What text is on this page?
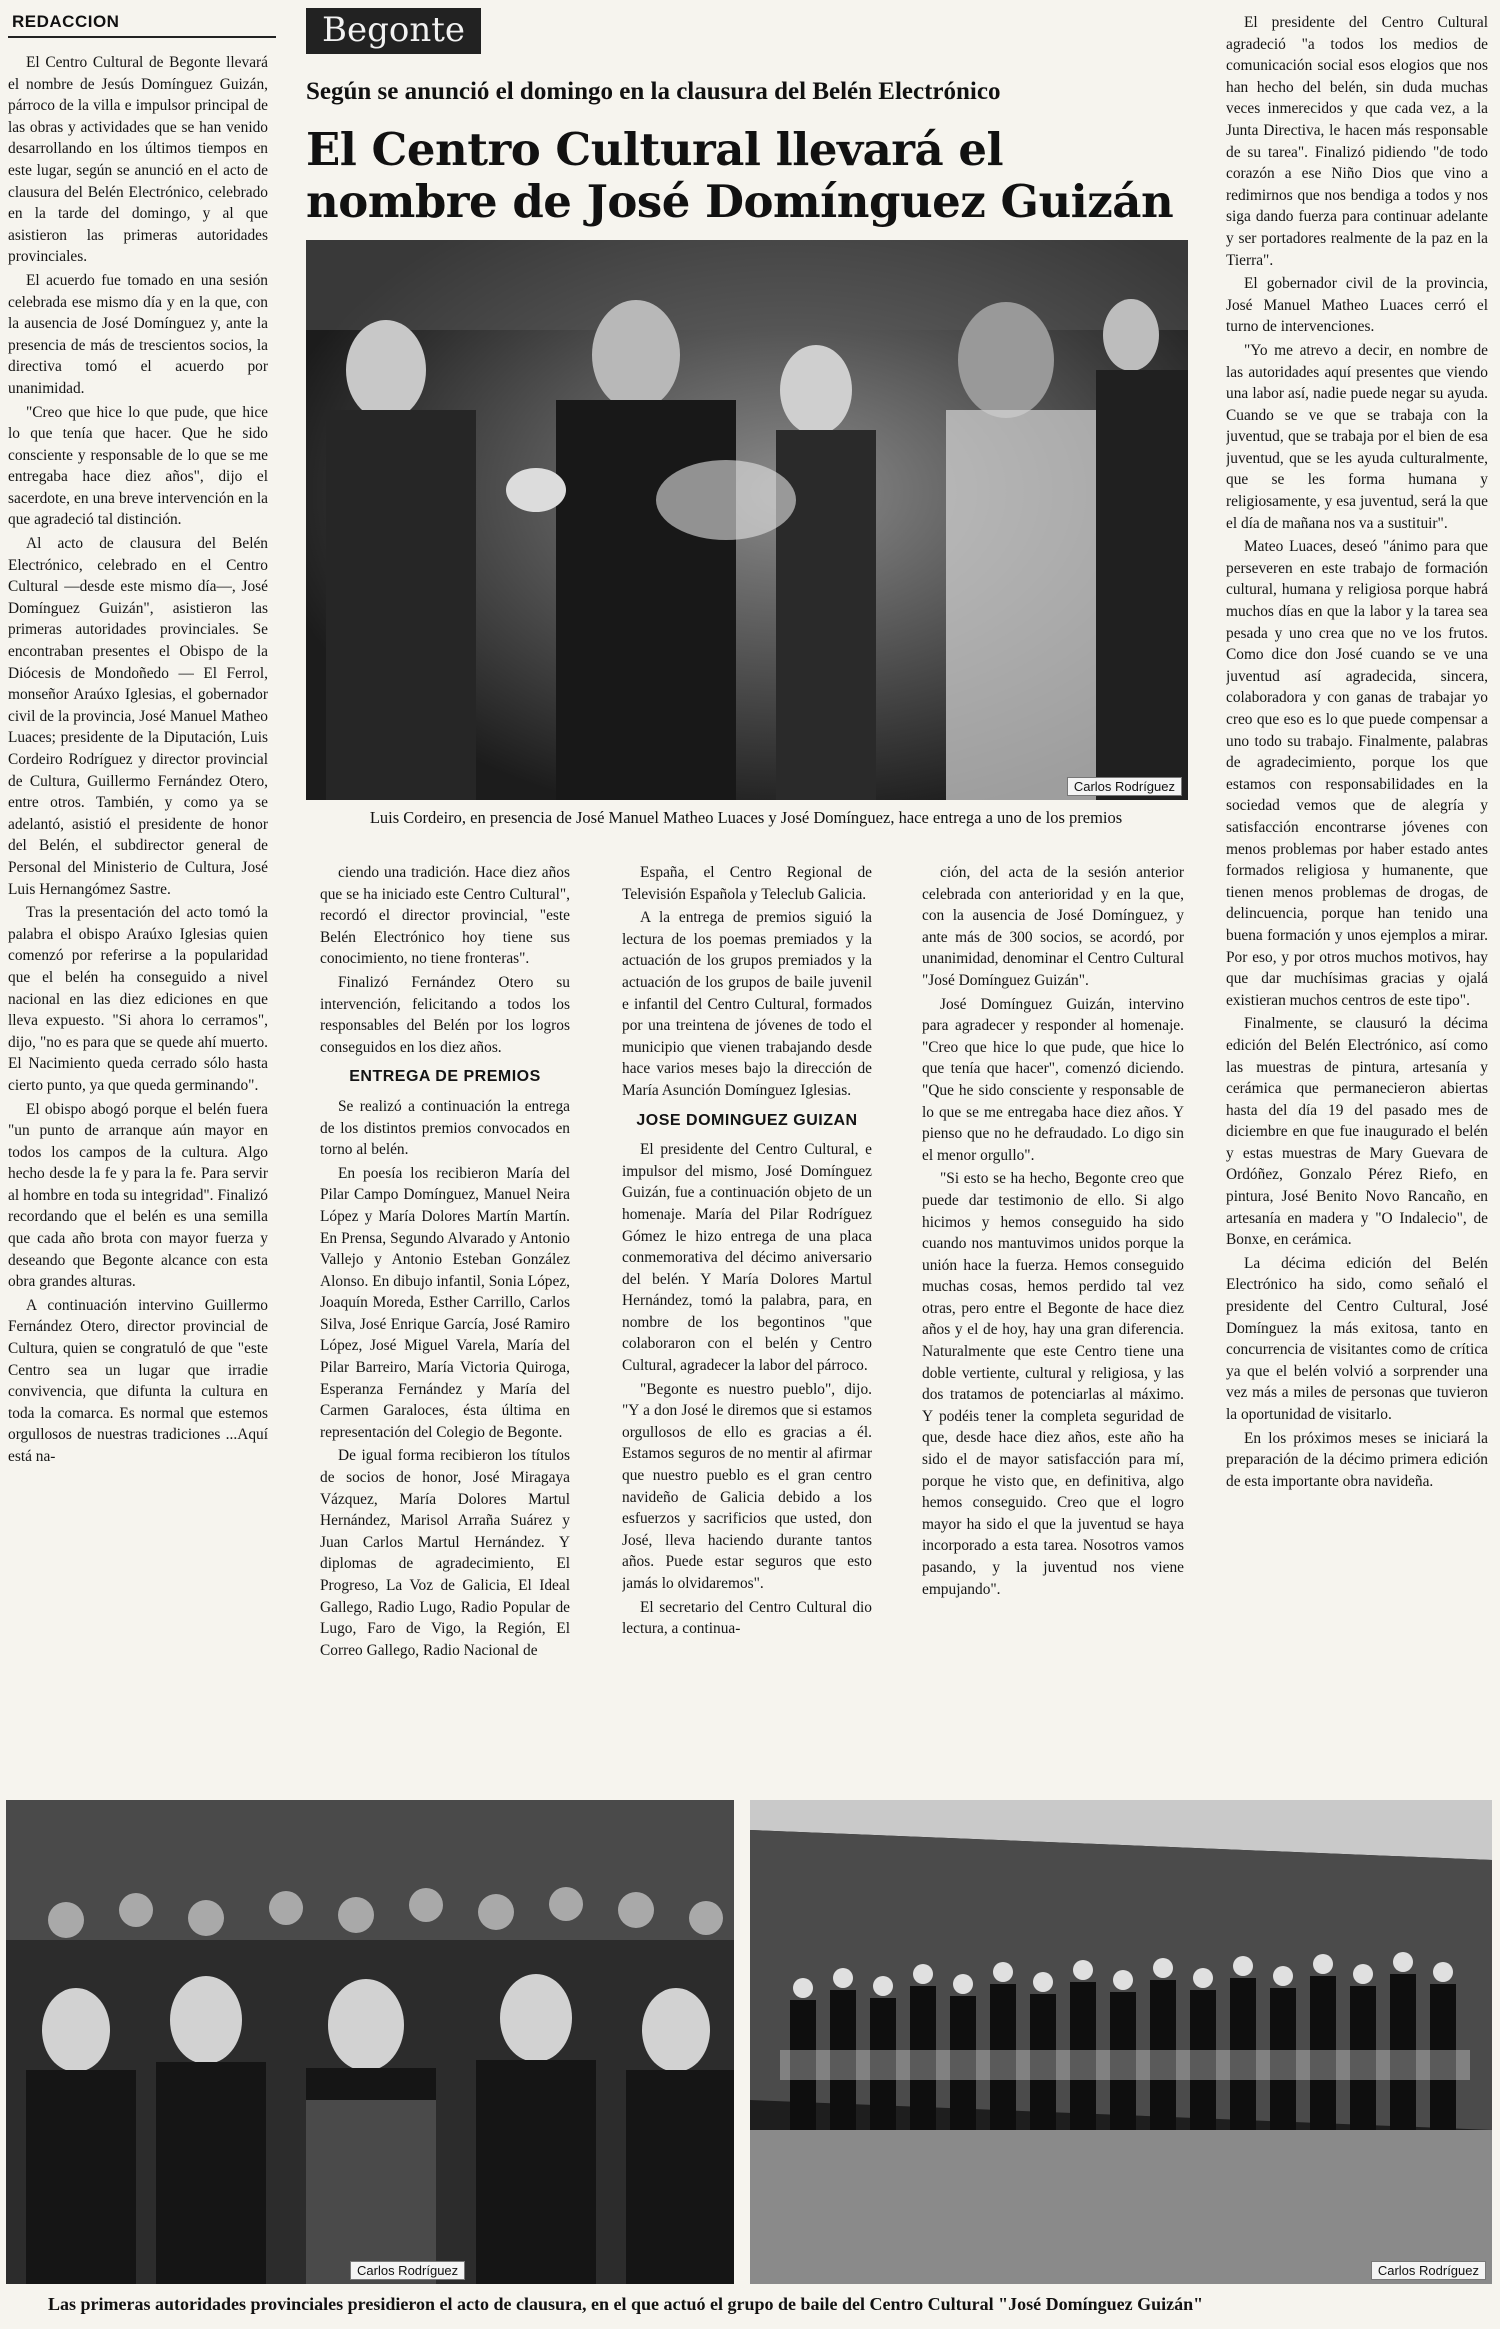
REDACCION	Begonte
Según se anunció el domingo en la clausura del Belén Electrónico
El Centro Cultural llevará el nombre de José Domínguez Guizán
Carlos Rodríguez
Luis Cordeiro, en presencia de José Manuel Matheo Luaces y José Domínguez, hace entrega a uno de los premios

El Centro Cultural de Begonte llevará el nombre de Jesús Domínguez Guizán, párroco de la villa e impulsor principal de las obras y actividades que se han venido desarrollando en los últimos tiempos en este lugar, según se anunció en el acto de clausura del Belén Electrónico, celebrado en la tarde del domingo, y al que asistieron las primeras autoridades provinciales.

El acuerdo fue tomado en una sesión celebrada ese mismo día y en la que, con la ausencia de José Domínguez y, ante la presencia de más de trescientos socios, la directiva tomó el acuerdo por unanimidad.

"Creo que hice lo que pude, que hice lo que tenía que hacer. Que he sido consciente y responsable de lo que se me entregaba hace diez años", dijo el sacerdote, en una breve intervención en la que agradeció tal distinción.

Al acto de clausura del Belén Electrónico, celebrado en el Centro Cultural —desde este mismo día—, José Domínguez Guizán", asistieron las primeras autoridades provinciales. Se encontraban presentes el Obispo de la Diócesis de Mondoñedo — El Ferrol, monseñor Araúxo Iglesias, el gobernador civil de la provincia, José Manuel Matheo Luaces; presidente de la Diputación, Luis Cordeiro Rodríguez y director provincial de Cultura, Guillermo Fernández Otero, entre otros. También, y como ya se adelantó, asistió el presidente de honor del Belén, el subdirector general de Personal del Ministerio de Cultura, José Luis Hernangómez Sastre.

Tras la presentación del acto tomó la palabra el obispo Araúxo Iglesias quien comenzó por referirse a la popularidad que el belén ha conseguido a nivel nacional en las diez ediciones en que lleva expuesto. "Si ahora lo cerramos", dijo, "no es para que se quede ahí muerto. El Nacimiento queda cerrado sólo hasta cierto punto, ya que queda germinando".

El obispo abogó porque el belén fuera "un punto de arranque aún mayor en todos los campos de la cultura. Algo hecho desde la fe y para la fe. Para servir al hombre en toda su integridad". Finalizó recordando que el belén es una semilla que cada año brota con mayor fuerza y deseando que Begonte alcance con esta obra grandes alturas.

A continuación intervino Guillermo Fernández Otero, director provincial de Cultura, quien se congratuló de que "este Centro sea un lugar que irradie convivencia, que difunta la cultura en toda la comarca. Es normal que estemos orgullosos de nuestras tradiciones ...Aquí está na-

ciendo una tradición. Hace diez años que se ha iniciado este Centro Cultural", recordó el director provincial, "este Belén Electrónico hoy tiene sus conocimiento, no tiene fronteras".

Finalizó Fernández Otero su intervención, felicitando a todos los responsables del Belén por los logros conseguidos en los diez años.

ENTREGA DE PREMIOS

Se realizó a continuación la entrega de los distintos premios convocados en torno al belén.

En poesía los recibieron María del Pilar Campo Domínguez, Manuel Neira López y María Dolores Martín Martín. En Prensa, Segundo Alvarado y Antonio Vallejo y Antonio Esteban González Alonso. En dibujo infantil, Sonia López, Joaquín Moreda, Esther Carrillo, Carlos Silva, José Enrique García, José Ramiro López, José Miguel Varela, María del Pilar Barreiro, María Victoria Quiroga, Esperanza Fernández y María del Carmen Garaloces, ésta última en representación del Colegio de Begonte.

De igual forma recibieron los títulos de socios de honor, José Miragaya Vázquez, María Dolores Martul Hernández, Marisol Arraña Suárez y Juan Carlos Martul Hernández. Y diplomas de agradecimiento, El Progreso, La Voz de Galicia, El Ideal Gallego, Radio Lugo, Radio Popular de Lugo, Faro de Vigo, la Región, El Correo Gallego, Radio Nacional de

España, el Centro Regional de Televisión Española y Teleclub Galicia.

A la entrega de premios siguió la lectura de los poemas premiados y la actuación de los grupos premiados y la actuación de los grupos de baile juvenil e infantil del Centro Cultural, formados por una treintena de jóvenes de todo el municipio que vienen trabajando desde hace varios meses bajo la dirección de María Asunción Domínguez Iglesias.

JOSE DOMINGUEZ GUIZAN

El presidente del Centro Cultural, e impulsor del mismo, José Domínguez Guizán, fue a continuación objeto de un homenaje. María del Pilar Rodríguez Gómez le hizo entrega de una placa conmemorativa del décimo aniversario del belén. Y María Dolores Martul Hernández, tomó la palabra, para, en nombre de los begontinos "que colaboraron con el belén y Centro Cultural, agradecer la labor del párroco.

"Begonte es nuestro pueblo", dijo. "Y a don José le diremos que si estamos orgullosos de ello es gracias a él. Estamos seguros de no mentir al afirmar que nuestro pueblo es el gran centro navideño de Galicia debido a los esfuerzos y sacrificios que usted, don José, lleva haciendo durante tantos años. Puede estar seguros que esto jamás lo olvidaremos".

El secretario del Centro Cultural dio lectura, a continua-

ción, del acta de la sesión anterior celebrada con anterioridad y en la que, con la ausencia de José Domínguez, y ante más de 300 socios, se acordó, por unanimidad, denominar el Centro Cultural "José Domínguez Guizán".

José Domínguez Guizán, intervino para agradecer y responder al homenaje. "Creo que hice lo que pude, que hice lo que tenía que hacer", comenzó diciendo. "Que he sido consciente y responsable de lo que se me entregaba hace diez años. Y pienso que no he defraudado. Lo digo sin el menor orgullo".

"Si esto se ha hecho, Begonte creo que puede dar testimonio de ello. Si algo hicimos y hemos conseguido ha sido cuando nos mantuvimos unidos porque la unión hace la fuerza. Hemos conseguido muchas cosas, hemos perdido tal vez otras, pero entre el Begonte de hace diez años y el de hoy, hay una gran diferencia. Naturalmente que este Centro tiene una doble vertiente, cultural y religiosa, y las dos tratamos de potenciarlas al máximo. Y podéis tener la completa seguridad de que, desde hace diez años, este año ha sido el de mayor satisfacción para mí, porque he visto que, en definitiva, algo hemos conseguido. Creo que el logro mayor ha sido el que la juventud se haya incorporado a esta tarea. Nosotros vamos pasando, y la juventud nos viene empujando".

El presidente del Centro Cultural agradeció "a todos los medios de comunicación social esos elogios que nos han hecho del belén, sin duda muchas veces inmerecidos y que cada vez, a la Junta Directiva, le hacen más responsable de su tarea". Finalizó pidiendo "de todo corazón a ese Niño Dios que vino a redimirnos que nos bendiga a todos y nos siga dando fuerza para continuar adelante y ser portadores realmente de la paz en la Tierra".

El gobernador civil de la provincia, José Manuel Matheo Luaces cerró el turno de intervenciones.

"Yo me atrevo a decir, en nombre de las autoridades aquí presentes que viendo una labor así, nadie puede negar su ayuda. Cuando se ve que se trabaja con la juventud, que se trabaja por el bien de esa juventud, que se les ayuda culturalmente, que se les forma humana y religiosamente, y esa juventud, será la que el día de mañana nos va a sustituir".

Mateo Luaces, deseó "ánimo para que perseveren en este trabajo de formación cultural, humana y religiosa porque habrá muchos días en que la labor y la tarea sea pesada y uno crea que no ve los frutos. Como dice don José cuando se ve una juventud así agradecida, sincera, colaboradora y con ganas de trabajar yo creo que eso es lo que puede compensar a uno todo su trabajo. Finalmente, palabras de agradecimiento, porque los que estamos con responsabilidades en la sociedad vemos que de alegría y satisfacción encontrarse jóvenes con menos problemas por haber estado antes formados religiosa y humanente, que tienen menos problemas de drogas, de delincuencia, porque han tenido una buena formación y unos ejemplos a mirar. Por eso, y por otros muchos motivos, hay que dar muchísimas gracias y ojalá existieran muchos centros de este tipo".

Finalmente, se clausuró la décima edición del Belén Electrónico, así como las muestras de pintura, artesanía y cerámica que permanecieron abiertas hasta del día 19 del pasado mes de diciembre en que fue inaugurado el belén y estas muestras de Mary Guevara de Ordóñez, Gonzalo Pérez Riefo, en pintura, José Benito Novo Rancaño, en artesanía en madera y "O Indalecio", de Bonxe, en cerámica.

La décima edición del Belén Electrónico ha sido, como señaló el presidente del Centro Cultural, José Domínguez la más exitosa, tanto en concurrencia de visitantes como de crítica ya que el belén volvió a sorprender una vez más a miles de personas que tuvieron la oportunidad de visitarlo.

En los próximos meses se iniciará la preparación de la décimo primera edición de esta importante obra navideña.

Carlos Rodríguez	Carlos Rodríguez
Las primeras autoridades provinciales presidieron el acto de clausura, en el que actuó el grupo de baile del Centro Cultural "José Domínguez Guizán"
